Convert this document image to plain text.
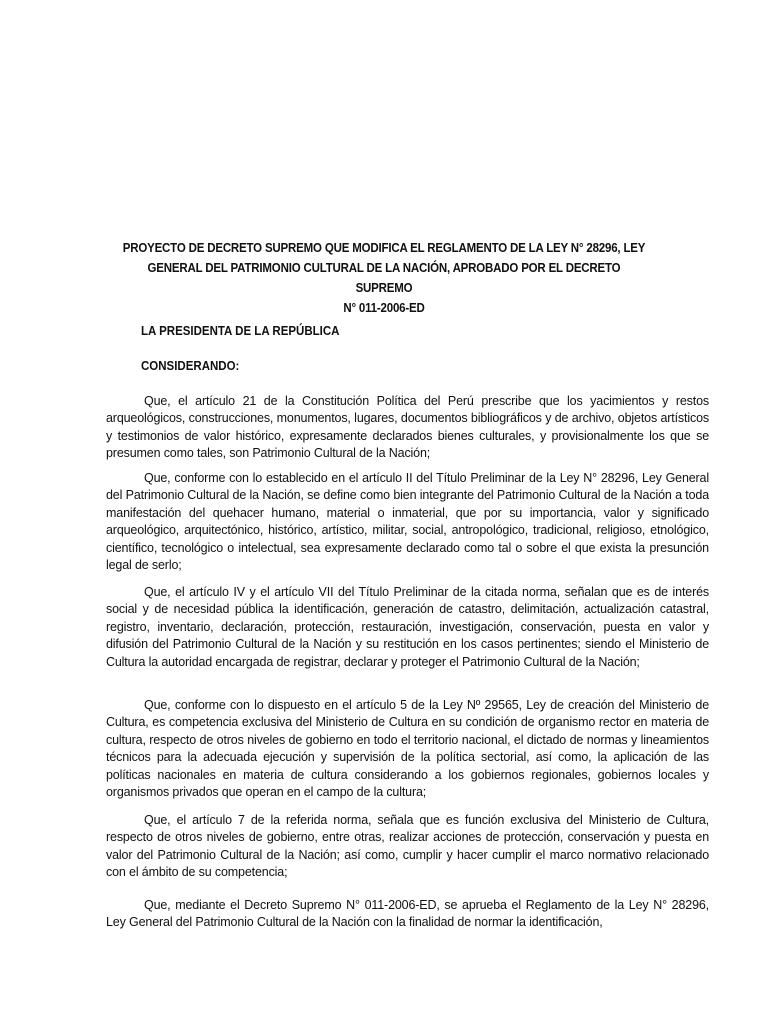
PROYECTO DE DECRETO SUPREMO QUE MODIFICA EL REGLAMENTO DE LA LEY N° 28296, LEY
GENERAL DEL PATRIMONIO CULTURAL DE LA NACIÓN, APROBADO POR EL DECRETO SUPREMO
N° 011-2006-ED
LA PRESIDENTA DE LA REPÚBLICA
CONSIDERANDO:
Que, el artículo 21 de la Constitución Política del Perú prescribe que los yacimientos y restos arqueológicos, construcciones, monumentos, lugares, documentos bibliográficos y de archivo, objetos artísticos y testimonios de valor histórico, expresamente declarados bienes culturales, y provisionalmente los que se presumen como tales, son Patrimonio Cultural de la Nación;
Que, conforme con lo establecido en el artículo II del Título Preliminar de la Ley N° 28296, Ley General del Patrimonio Cultural de la Nación, se define como bien integrante del Patrimonio Cultural de la Nación a toda manifestación del quehacer humano, material o inmaterial, que por su importancia, valor y significado arqueológico, arquitectónico, histórico, artístico, militar, social, antropológico, tradicional, religioso, etnológico, científico, tecnológico o intelectual, sea expresamente declarado como tal o sobre el que exista la presunción legal de serlo;
Que, el artículo IV y el artículo VII del Título Preliminar de la citada norma, señalan que es de interés social y de necesidad pública la identificación, generación de catastro, delimitación, actualización catastral, registro, inventario, declaración, protección, restauración, investigación, conservación, puesta en valor y difusión del Patrimonio Cultural de la Nación y su restitución en los casos pertinentes; siendo el Ministerio de Cultura la autoridad encargada de registrar, declarar y proteger el Patrimonio Cultural de la Nación;
Que, conforme con lo dispuesto en el artículo 5 de la Ley Nº 29565, Ley de creación del Ministerio de Cultura, es competencia exclusiva del Ministerio de Cultura en su condición de organismo rector en materia de cultura, respecto de otros niveles de gobierno en todo el territorio nacional, el dictado de normas y lineamientos técnicos para la adecuada ejecución y supervisión de la política sectorial, así como, la aplicación de las políticas nacionales en materia de cultura considerando a los gobiernos regionales, gobiernos locales y organismos privados que operan en el campo de la cultura;
Que, el artículo 7 de la referida norma, señala que es función exclusiva del Ministerio de Cultura, respecto de otros niveles de gobierno, entre otras, realizar acciones de protección, conservación y puesta en valor del Patrimonio Cultural de la Nación; así como, cumplir y hacer cumplir el marco normativo relacionado con el ámbito de su competencia;
Que, mediante el Decreto Supremo N° 011-2006-ED, se aprueba el Reglamento de la Ley N° 28296, Ley General del Patrimonio Cultural de la Nación con la finalidad de normar la identificación,
